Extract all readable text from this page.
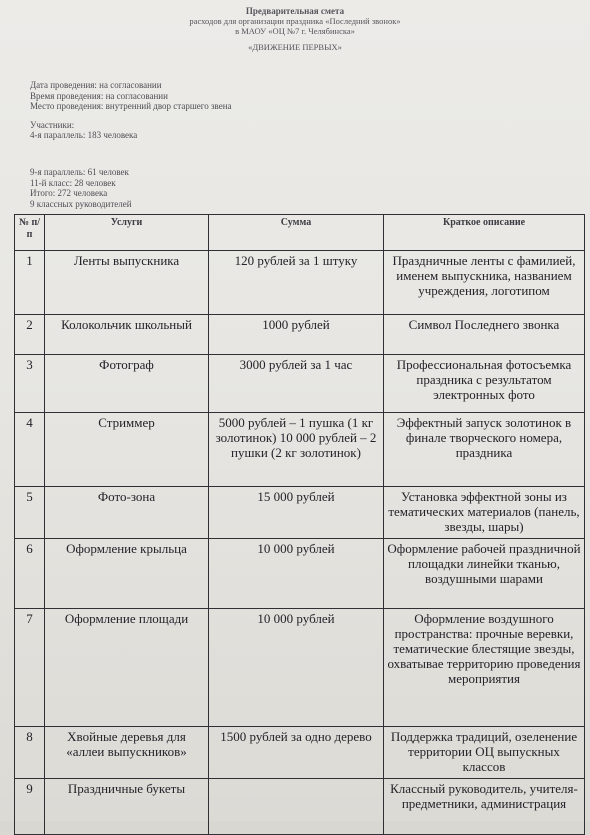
Предварительная смета
расходов для организации праздника «Последний звонок»
в МАОУ «ОЦ №7 г. Челябинска»
«ДВИЖЕНИЕ ПЕРВЫХ»
Дата проведения: на согласовании
Время проведения: на согласовании
Место проведения: внутренний двор старшего звена
Участники:
4-я параллель: 183 человека
9-я параллель: 61 человек
11-й класс: 28 человек
Итого: 272 человека
9 классных руководителей
№ п/п	Услуги	Сумма	Краткое описание
1	Ленты выпускника	120 рублей за 1 штуку	Праздничные ленты с фамилией, именем выпускника, названием учреждения, логотипом
2	Колокольчик школьный	1000 рублей	Символ Последнего звонка
3	Фотограф	3000 рублей за 1 час	Профессиональная фотосъемка праздника с результатом электронных фото
4	Стриммер	5000 рублей – 1 пушка (1 кг золотинок) 10 000 рублей – 2 пушки (2 кг золотинок)	Эффектный запуск золотинок в финале творческого номера, праздника
5	Фото-зона	15 000 рублей	Установка эффектной зоны из тематических материалов (панель, звезды, шары)
6	Оформление крыльца	10 000 рублей	Оформление рабочей праздничной площадки линейки тканью, воздушными шарами
7	Оформление площади	10 000 рублей	Оформление воздушного пространства: прочные веревки, тематические блестящие звезды, охватывае территорию проведения мероприятия
8	Хвойные деревья для «аллеи выпускников»	1500 рублей за одно дерево	Поддержка традиций, озеленение территории ОЦ выпускных классов
9	Праздничные букеты		Классный руководитель, учителя-предметники, администрация
